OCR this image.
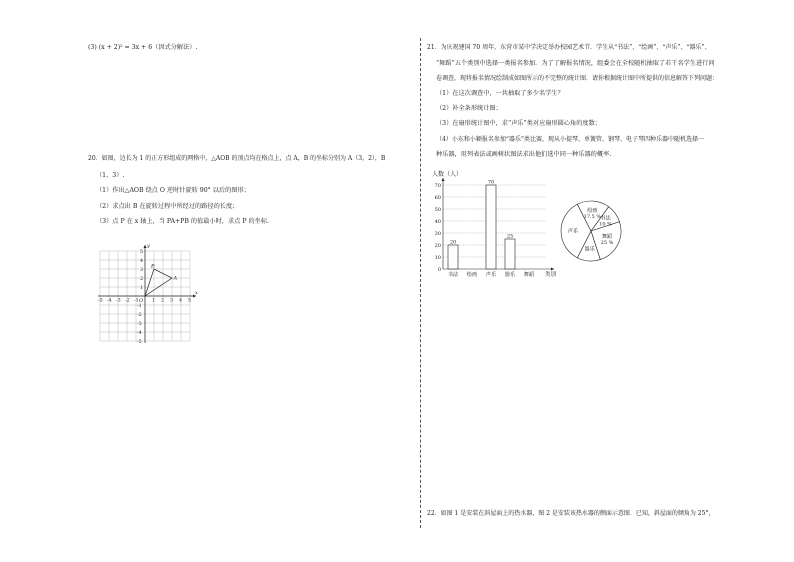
(3) (x + 2)² = 3x + 6（因式分解法）.
20．如图，边长为 1 的正方形组成的网格中，△AOB 的顶点均在格点上，点 A，B 的坐标分别为 A（3，2），B
（1，3）.
（1）作出△AOB 绕点 O 逆时针旋转 90° 以后的图形；
（2）求点出 B 在旋转过程中所经过的路径的长度；
（3）点 P 在 x 轴上，当 PA+PB 的值最小时，求点 P 的坐标.
x
y
O
-5 -4 -3 -2 -1	1 2 3 4 5
5
4
3
2
1
-1
-2
-3
-4
-5
A
B
21．为庆祝建国 70 周年，东营市某中学决定举办校园艺术节．学生从“书法”、“绘画”、“声乐”、“器乐”、
“舞蹈”五个类别中选择一类报名参加．为了了解报名情况，组委会在全校随机抽取了若干名学生进行问
卷调查，现将报名情况绘制成如图所示的不完整的统计图．请你根据统计图中所提供的信息解答下列问题：
（1）在这次调查中，一共抽取了多少名学生？
（2）补全条形统计图；
（3）在扇形统计图中，求“声乐”类对应扇形圆心角的度数；
（4）小东和小颖报名参加“器乐”类比赛，现从小提琴、单簧管、钢琴、电子琴四种乐器中随机选择一
种乐器，用列表法或画树状图法求出他们选中同一种乐器的概率.
人数（人）
0
10
20
30
40
50
60
70
20
70
25
书法 绘画 声乐 器乐 舞蹈 类别
书法
10 %
舞蹈
25 %
器乐
声乐
绘画
17.5 %
22．如图 1 是安装在斜屋面上的热水器，图 2 是安装该热水器的侧面示意图．已知，斜屋面的倾角为 25°，
